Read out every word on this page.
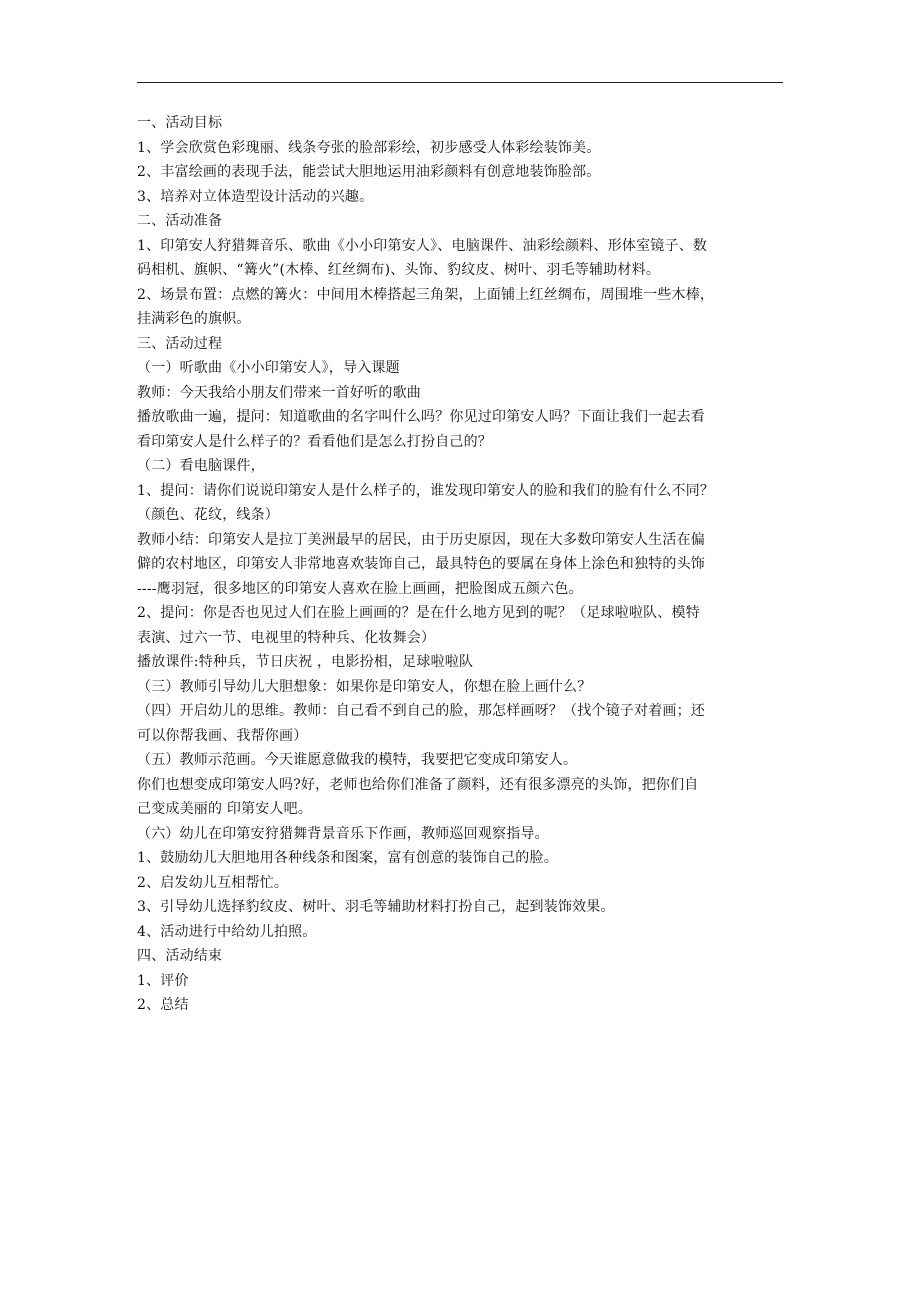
一、活动目标
1、学会欣赏色彩瑰丽、线条夸张的脸部彩绘，初步感受人体彩绘装饰美。
2、丰富绘画的表现手法，能尝试大胆地运用油彩颜料有创意地装饰脸部。
3、培养对立体造型设计活动的兴趣。
二、活动准备
1、印第安人狩猎舞音乐、歌曲《小小印第安人》、电脑课件、油彩绘颜料、形体室镜子、数
码相机、旗帜、“篝火”(木棒、红丝绸布)、头饰、豹纹皮、树叶、羽毛等辅助材料。
2、场景布置：点燃的篝火：中间用木棒搭起三角架，上面铺上红丝绸布，周围堆一些木棒，
挂满彩色的旗帜。
三、活动过程
（一）听歌曲《小小印第安人》，导入课题
教师：今天我给小朋友们带来一首好听的歌曲
播放歌曲一遍，提问：知道歌曲的名字叫什么吗？你见过印第安人吗？下面让我们一起去看
看印第安人是什么样子的？看看他们是怎么打扮自己的？
（二）看电脑课件，
1、提问：请你们说说印第安人是什么样子的，谁发现印第安人的脸和我们的脸有什么不同？
（颜色、花纹，线条）
教师小结：印第安人是拉丁美洲最早的居民，由于历史原因，现在大多数印第安人生活在偏
僻的农村地区，印第安人非常地喜欢装饰自己，最具特色的要属在身体上涂色和独特的头饰
----鹰羽冠，很多地区的印第安人喜欢在脸上画画，把脸图成五颜六色。
2、提问：你是否也见过人们在脸上画画的？是在什么地方见到的呢？（足球啦啦队、模特
表演、过六一节、电视里的特种兵、化妆舞会）
播放课件:特种兵，节日庆祝 ，电影扮相，足球啦啦队
（三）教师引导幼儿大胆想象：如果你是印第安人，你想在脸上画什么？
（四）开启幼儿的思维。教师：自己看不到自己的脸，那怎样画呀？（找个镜子对着画；还
可以你帮我画、我帮你画）
（五）教师示范画。今天谁愿意做我的模特，我要把它变成印第安人。
你们也想变成印第安人吗?好，老师也给你们准备了颜料，还有很多漂亮的头饰，把你们自
己变成美丽的 印第安人吧。
（六）幼儿在印第安狩猎舞背景音乐下作画，教师巡回观察指导。
1、鼓励幼儿大胆地用各种线条和图案，富有创意的装饰自己的脸。
2、启发幼儿互相帮忙。
3、引导幼儿选择豹纹皮、树叶、羽毛等辅助材料打扮自己，起到装饰效果。
4、活动进行中给幼儿拍照。
四、活动结束
1、评价
2、总结
